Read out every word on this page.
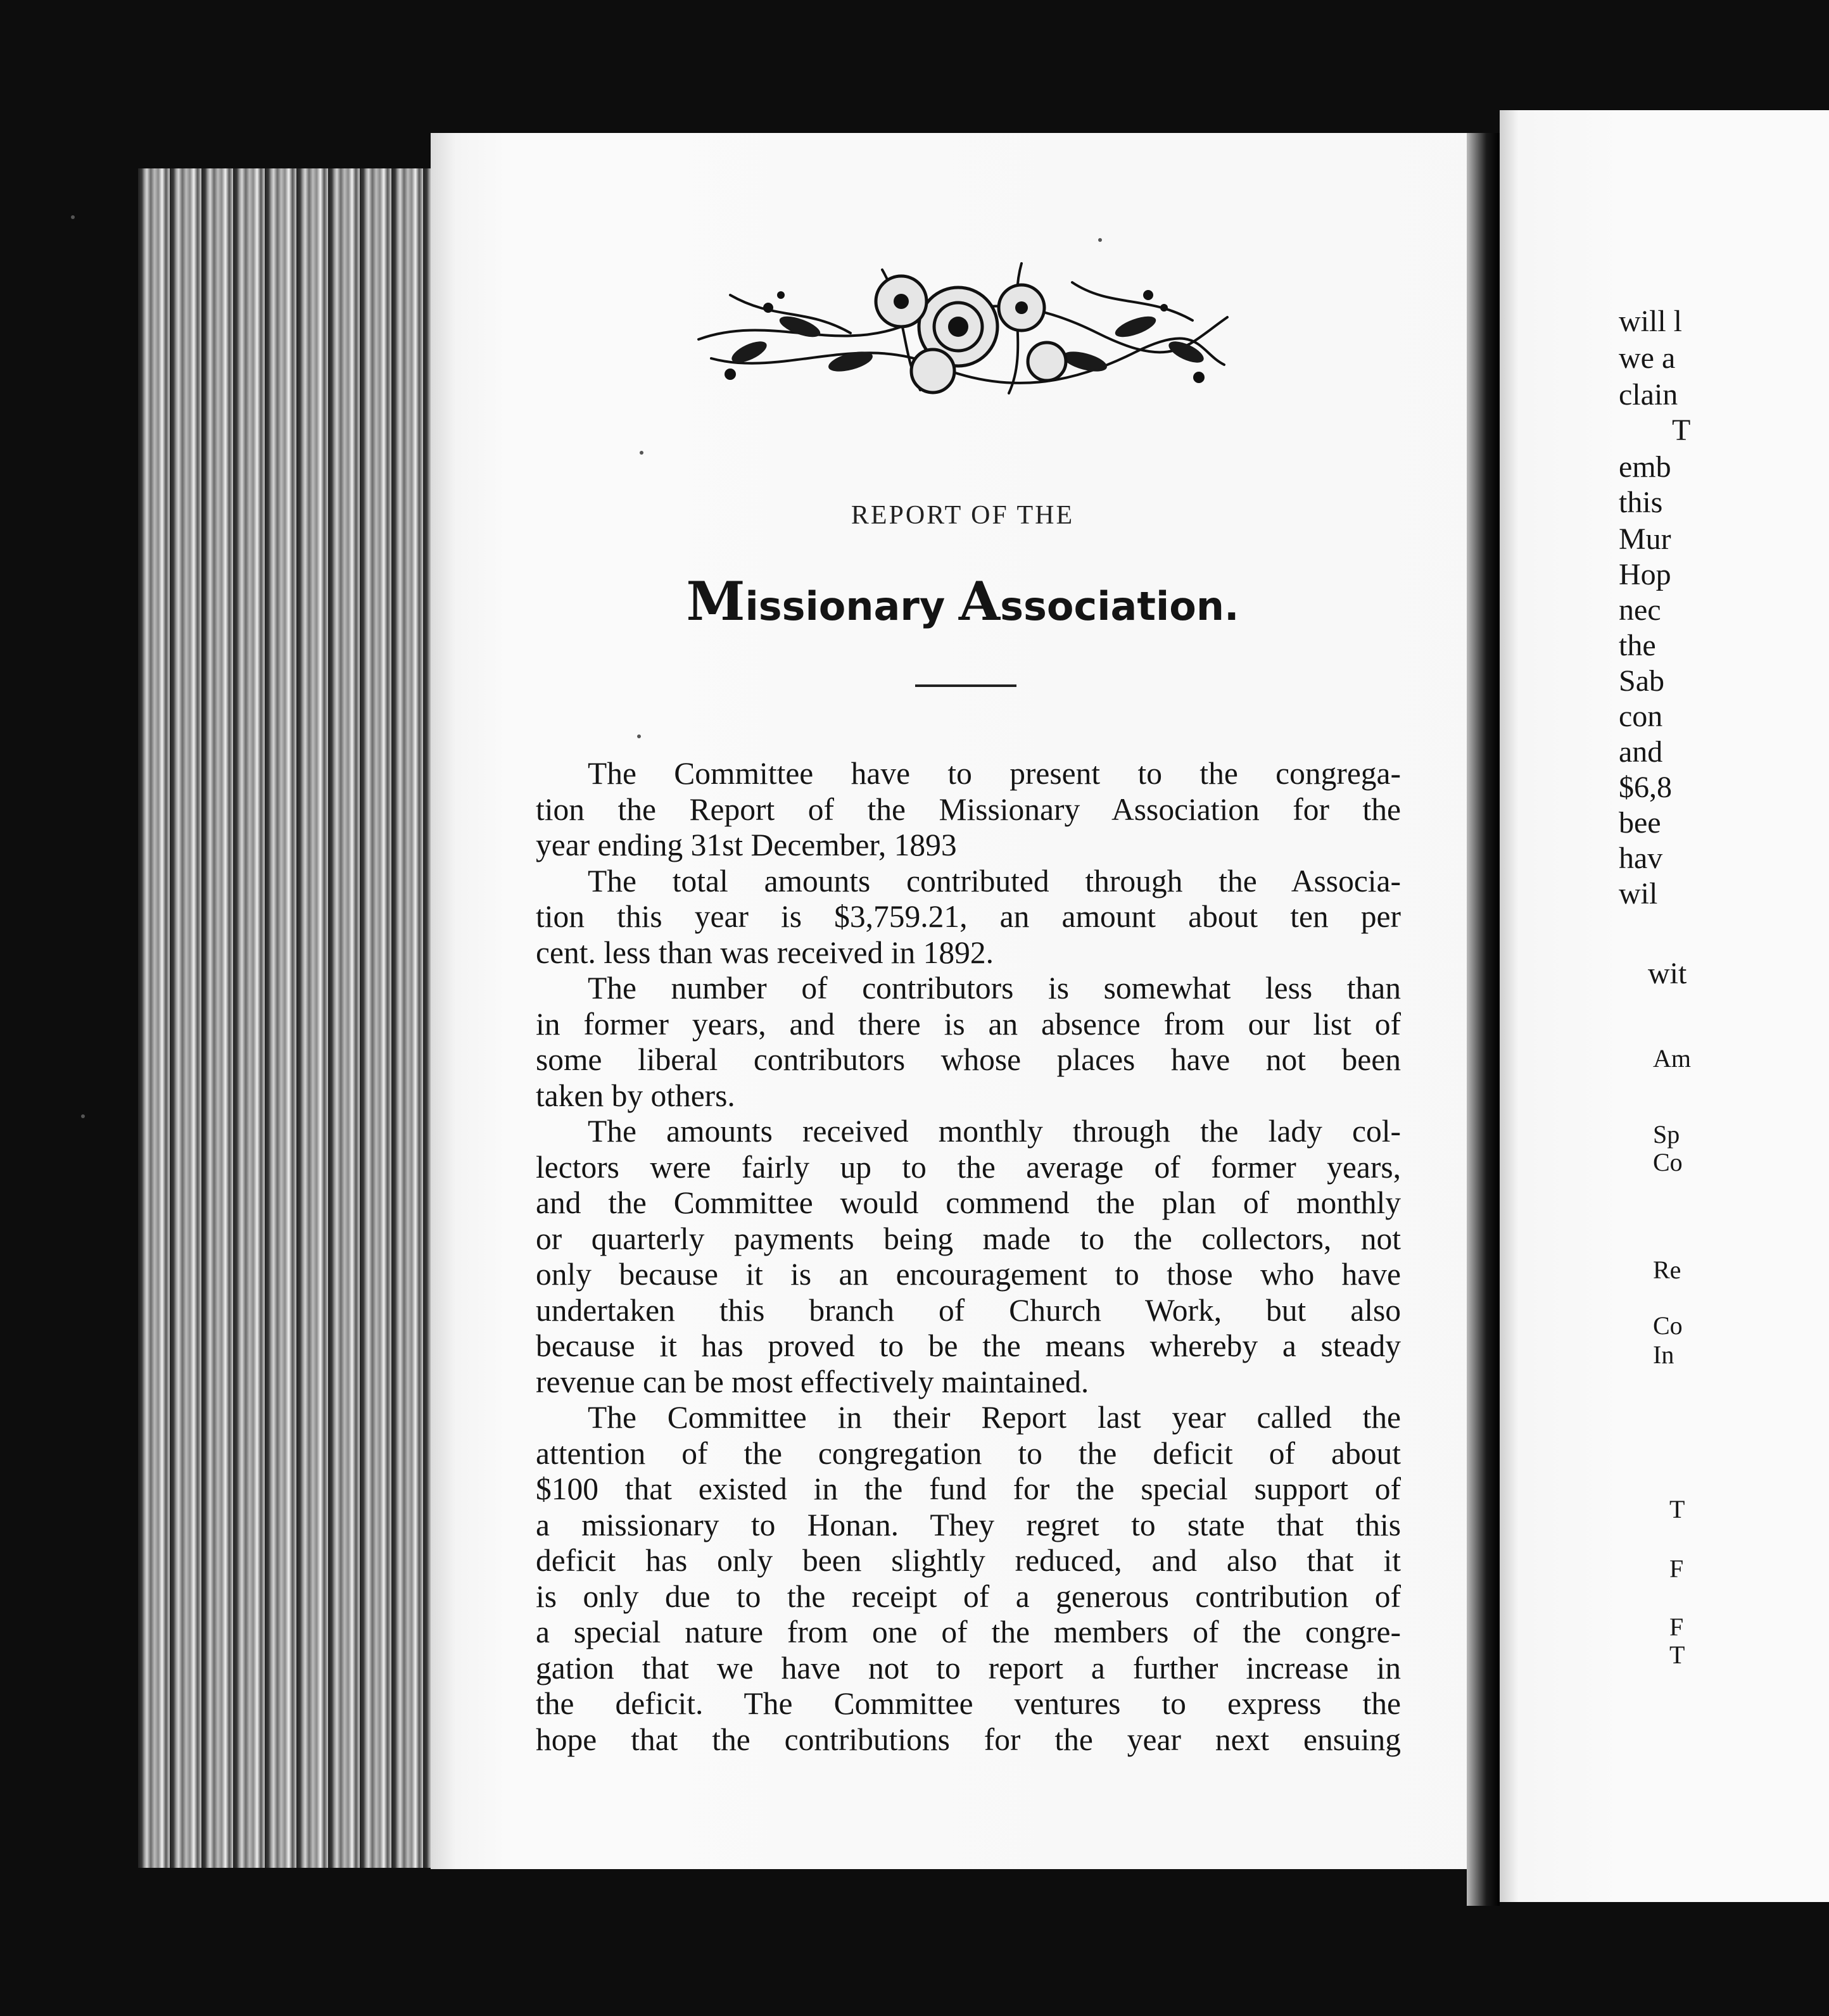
REPORT OF THE
Missionary Association.
The Committee have to present to the congrega-
tion the Report of the Missionary Association for the
year ending 31st December, 1893
The total amounts contributed through the Associa-
tion this year is $3,759.21, an amount about ten per
cent. less than was received in 1892.
The number of contributors is somewhat less than
in former years, and there is an absence from our list of
some liberal contributors whose places have not been
taken by others.
The amounts received monthly through the lady col-
lectors were fairly up to the average of former years,
and the Committee would commend the plan of monthly
or quarterly payments being made to the collectors, not
only because it is an encouragement to those who have
undertaken this branch of Church Work, but also
because it has proved to be the means whereby a steady
revenue can be most effectively maintained.
The Committee in their Report last year called the
attention of the congregation to the deficit of about
$100 that existed in the fund for the special support of
a missionary to Honan. They regret to state that this
deficit has only been slightly reduced, and also that it
is only due to the receipt of a generous contribution of
a special nature from one of the members of the congre-
gation that we have not to report a further increase in
the deficit. The Committee ventures to express the
hope that the contributions for the year next ensuing
will l
we a
clain
T
emb
this
Mur
Hop
nec
the
Sab
con
and
$6,8
bee
hav
wil
wit
Am
Sp
Co
Re
Co
In
T
F
F
T
